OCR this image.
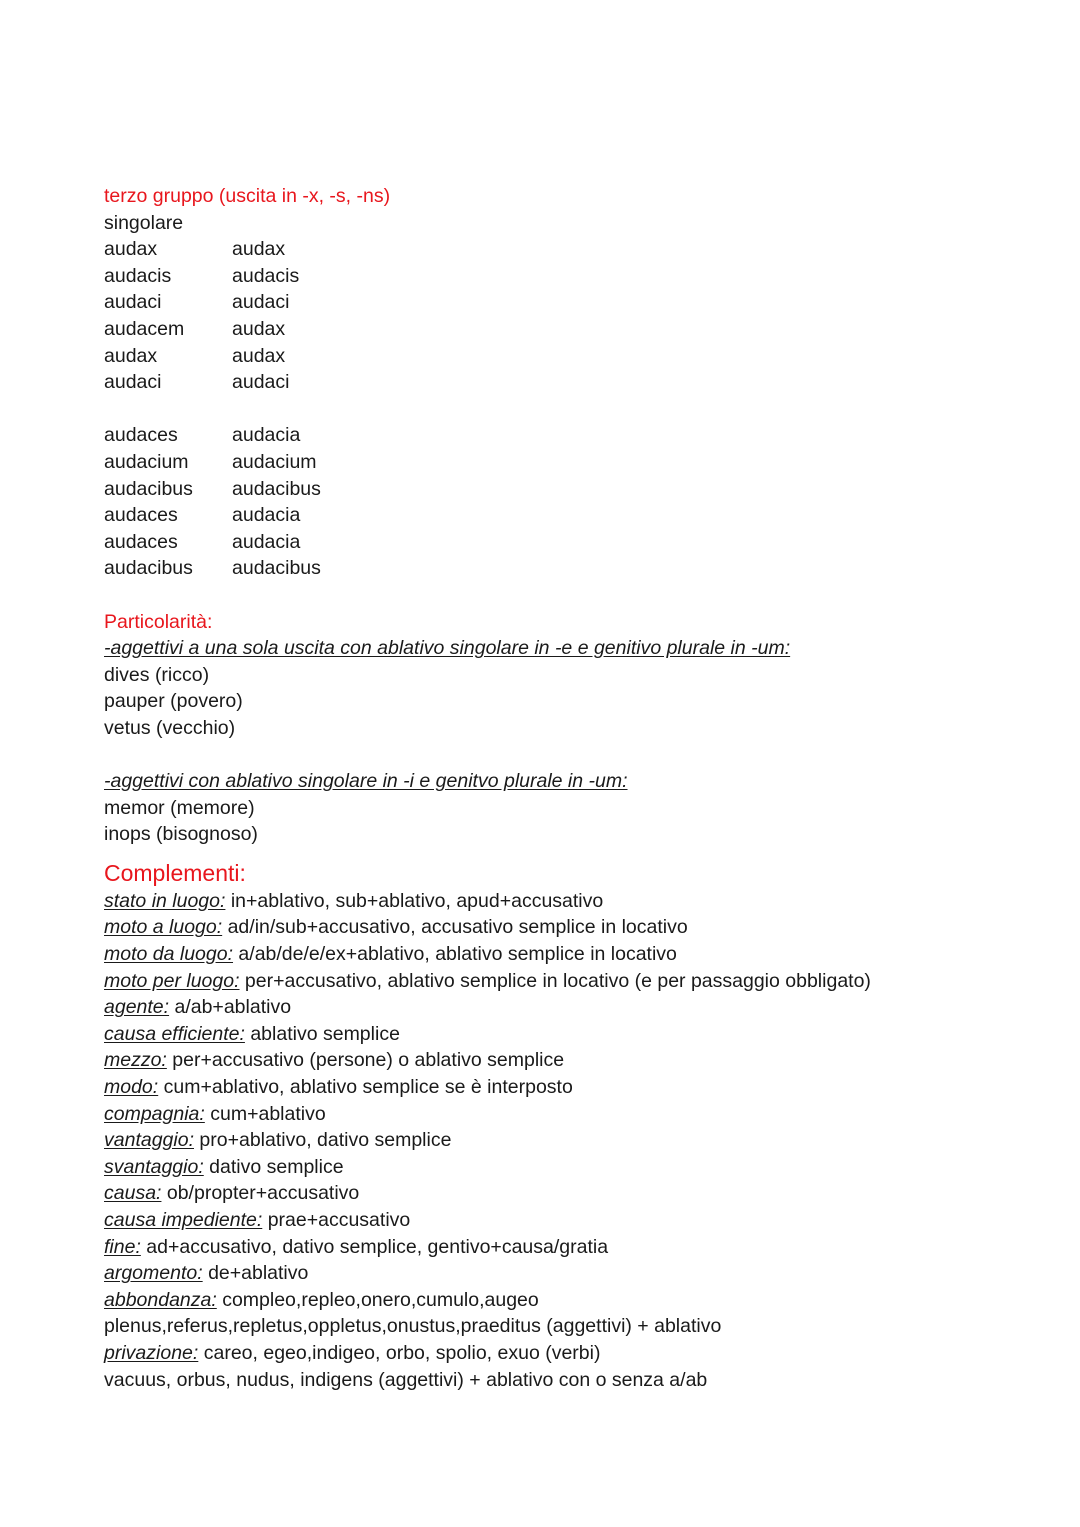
terzo gruppo (uscita in -x, -s, -ns)
singolare
audax	audax
audacis	audacis
audaci	audaci
audacem	audax
audax	audax
audaci	audaci
audaces	audacia
audacium	audacium
audacibus	audacibus
audaces	audacia
audaces	audacia
audacibus	audacibus
Particolarità:
-aggettivi a una sola uscita con ablativo singolare in -e e genitivo plurale in -um:
dives (ricco)
pauper (povero)
vetus (vecchio)
-aggettivi con ablativo singolare in -i e genitvo plurale in -um:
memor (memore)
inops (bisognoso)
Complementi:
stato in luogo: in+ablativo, sub+ablativo, apud+accusativo
moto a luogo: ad/in/sub+accusativo, accusativo semplice in locativo
moto da luogo: a/ab/de/e/ex+ablativo, ablativo semplice in locativo
moto per luogo: per+accusativo, ablativo semplice in locativo (e per passaggio obbligato)
agente: a/ab+ablativo
causa efficiente: ablativo semplice
mezzo: per+accusativo (persone) o ablativo semplice
modo: cum+ablativo, ablativo semplice se è interposto
compagnia: cum+ablativo
vantaggio: pro+ablativo, dativo semplice
svantaggio: dativo semplice
causa: ob/propter+accusativo
causa impediente: prae+accusativo
fine: ad+accusativo, dativo semplice, gentivo+causa/gratia
argomento: de+ablativo
abbondanza: compleo,repleo,onero,cumulo,augeo
plenus,referus,repletus,oppletus,onustus,praeditus (aggettivi) + ablativo
privazione: careo, egeo,indigeo, orbo, spolio, exuo (verbi)
vacuus, orbus, nudus, indigens (aggettivi) + ablativo con o senza a/ab
